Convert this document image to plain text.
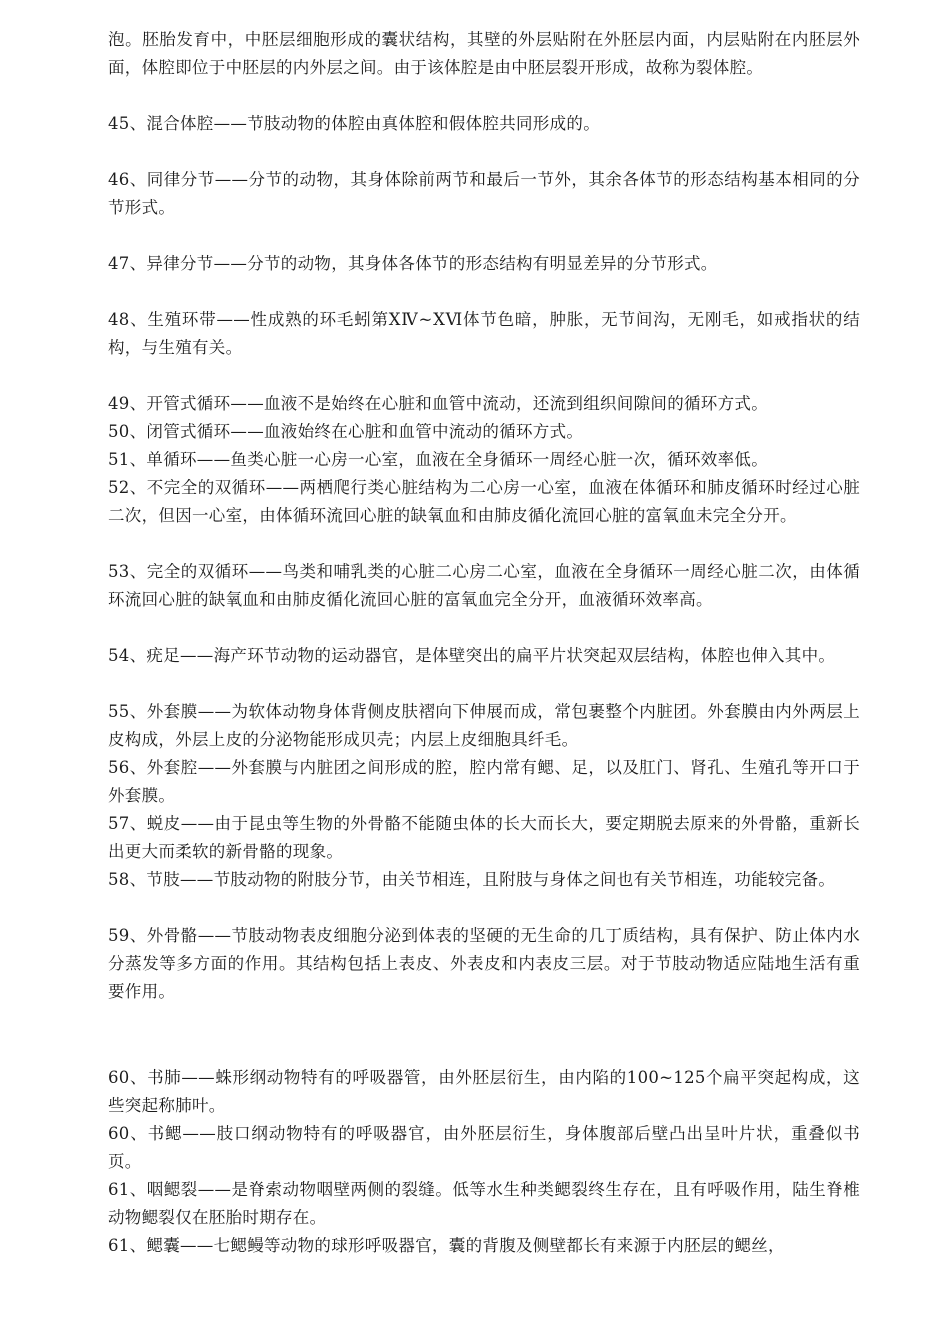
泡。胚胎发育中，中胚层细胞形成的囊状结构，其壁的外层贴附在外胚层内面，内层贴附在内胚层外面，体腔即位于中胚层的内外层之间。由于该体腔是由中胚层裂开形成，故称为裂体腔。
45、混合体腔——节肢动物的体腔由真体腔和假体腔共同形成的。
46、同律分节——分节的动物，其身体除前两节和最后一节外，其余各体节的形态结构基本相同的分节形式。
47、异律分节——分节的动物，其身体各体节的形态结构有明显差异的分节形式。
48、生殖环带——性成熟的环毛蚓第ⅩⅣ~ⅩⅥ体节色暗，肿胀，无节间沟，无刚毛，如戒指状的结构，与生殖有关。
49、开管式循环——血液不是始终在心脏和血管中流动，还流到组织间隙间的循环方式。
50、闭管式循环——血液始终在心脏和血管中流动的循环方式。
51、单循环——鱼类心脏一心房一心室，血液在全身循环一周经心脏一次，循环效率低。
52、不完全的双循环——两栖爬行类心脏结构为二心房一心室，血液在体循环和肺皮循环时经过心脏二次，但因一心室，由体循环流回心脏的缺氧血和由肺皮循化流回心脏的富氧血未完全分开。
53、完全的双循环——鸟类和哺乳类的心脏二心房二心室，血液在全身循环一周经心脏二次，由体循环流回心脏的缺氧血和由肺皮循化流回心脏的富氧血完全分开，血液循环效率高。
54、疣足——海产环节动物的运动器官，是体壁突出的扁平片状突起双层结构，体腔也伸入其中。
55、外套膜——为软体动物身体背侧皮肤褶向下伸展而成，常包裹整个内脏团。外套膜由内外两层上皮构成，外层上皮的分泌物能形成贝壳；内层上皮细胞具纤毛。
56、外套腔——外套膜与内脏团之间形成的腔，腔内常有鳃、足，以及肛门、肾孔、生殖孔等开口于外套膜。
57、蜕皮——由于昆虫等生物的外骨骼不能随虫体的长大而长大，要定期脱去原来的外骨骼，重新长出更大而柔软的新骨骼的现象。
58、节肢——节肢动物的附肢分节，由关节相连，且附肢与身体之间也有关节相连，功能较完备。
59、外骨骼——节肢动物表皮细胞分泌到体表的坚硬的无生命的几丁质结构，具有保护、防止体内水分蒸发等多方面的作用。其结构包括上表皮、外表皮和内表皮三层。对于节肢动物适应陆地生活有重要作用。
60、书肺——蛛形纲动物特有的呼吸器管，由外胚层衍生，由内陷的100~125个扁平突起构成，这些突起称肺叶。
60、书鳃——肢口纲动物特有的呼吸器官，由外胚层衍生，身体腹部后壁凸出呈叶片状，重叠似书页。
61、咽鳃裂——是脊索动物咽壁两侧的裂缝。低等水生种类鳃裂终生存在，且有呼吸作用，陆生脊椎动物鳃裂仅在胚胎时期存在。
61、鳃囊——七鳃鳗等动物的球形呼吸器官，囊的背腹及侧壁都长有来源于内胚层的鳃丝，
